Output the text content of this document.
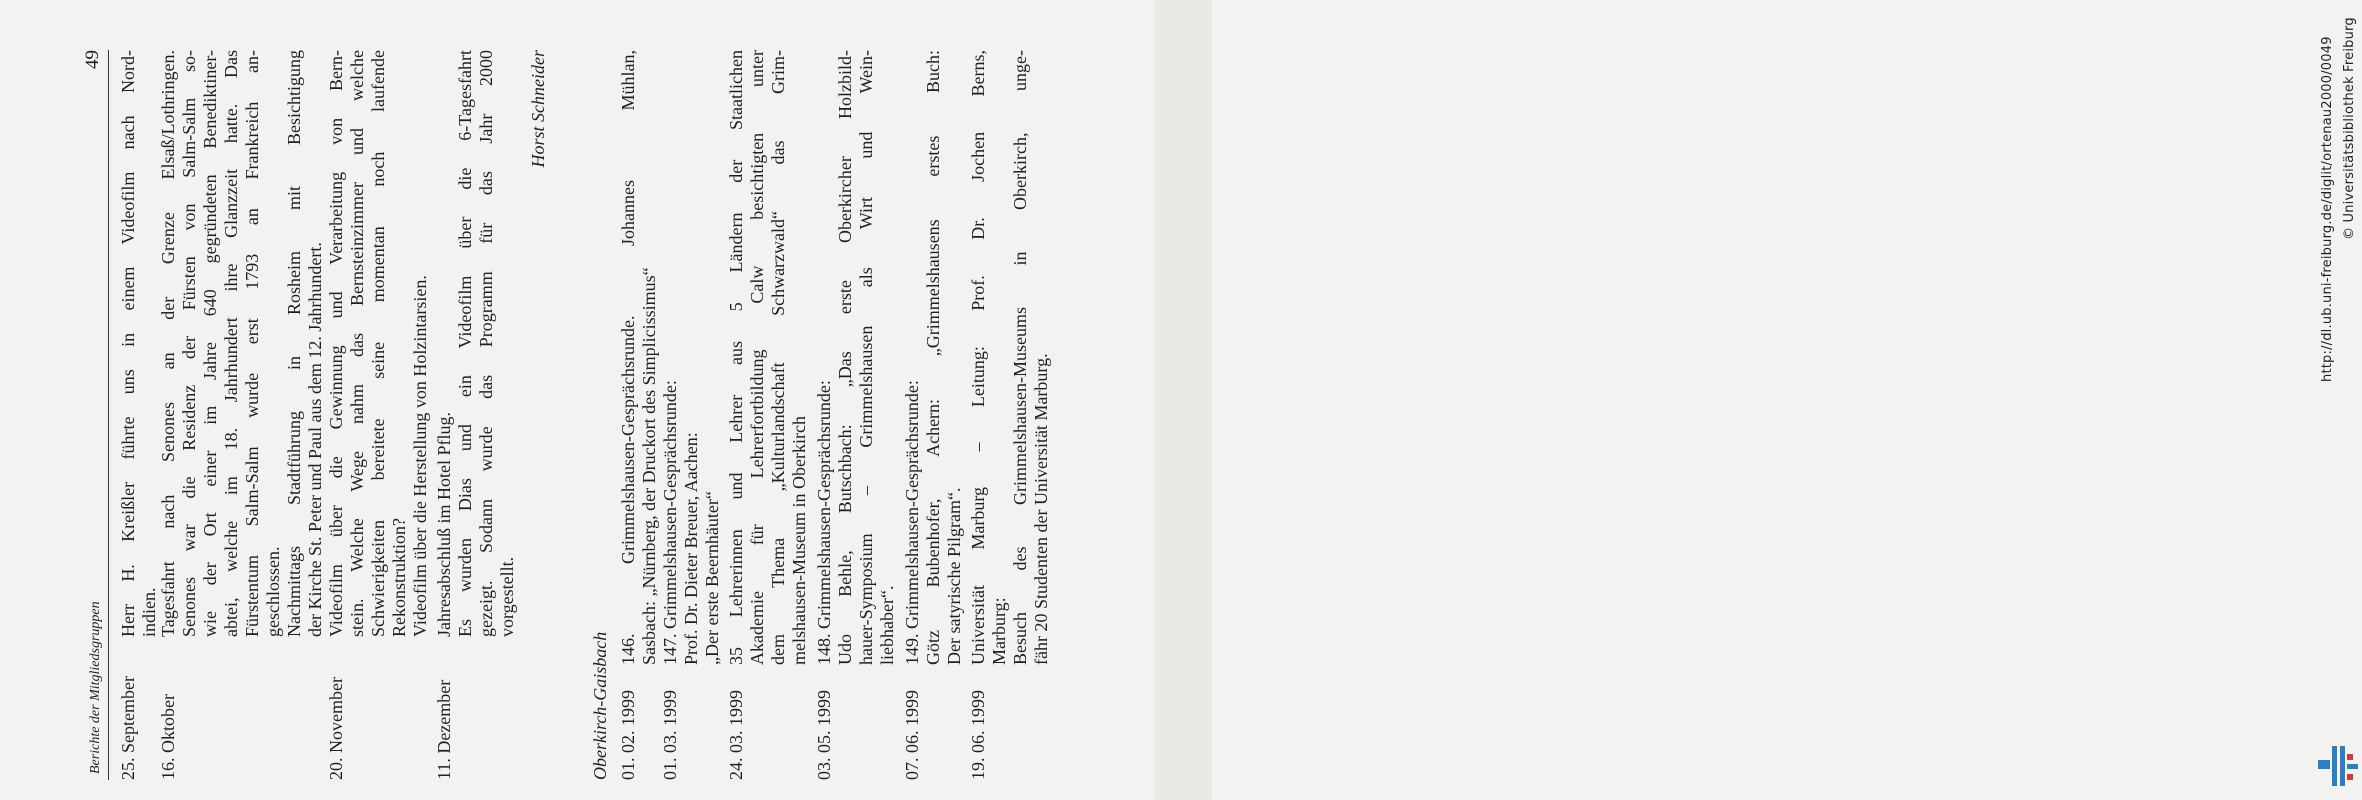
Berichte der Mitgliedsgruppen
49
25. September
Herr H. Kreißler führte uns in einem Videofilm nach Nord- indien.
16. Oktober
Tagesfahrt nach Senones an der Grenze Elsaß/Lothringen. Senones war die Residenz der Fürsten von Salm-Salm so- wie der Ort einer im Jahre 640 gegründeten Benediktiner- abtei, welche im 18. Jahrhundert ihre Glanzzeit hatte. Das Fürstentum Salm-Salm wurde erst 1793 an Frankreich an- geschlossen. Nachmittags Stadtführung in Rosheim mit Besichtigung der Kirche St. Peter und Paul aus dem 12. Jahrhundert.
20. November
Videofilm über die Gewinnung und Verarbeitung von Bern- stein. Welche Wege nahm das Bernsteinzimmer und welche Schwierigkeiten bereitete seine momentan noch laufende Rekonstruktion? Videofilm über die Herstellung von Holzintarsien.
11. Dezember
Jahresabschluß im Hotel Pflug. Es wurden Dias und ein Videofilm über die 6-Tagesfahrt gezeigt. Sodann wurde das Programm für das Jahr 2000 vorgestellt.
Horst Schneider
Oberkirch-Gaisbach 01. 02. 1999
146. Grimmelshausen-Gesprächsrunde. Johannes Mühlan, Sasbach: „Nürnberg, der Druckort des Simplicissimus“
01. 03. 1999
147. Grimmelshausen-Gesprächsrunde: Prof. Dr. Dieter Breuer, Aachen: „Der erste Beernhäuter“
24. 03. 1999
35 Lehrerinnen und Lehrer aus 5 Ländern der Staatlichen Akademie für Lehrerfortbildung Calw besichtigten unter dem Thema „Kulturlandschaft Schwarzwald“ das Grim- melshausen-Museum in Oberkirch
03. 05. 1999
148. Grimmelshausen-Gesprächsrunde: Udo Behle, Butschbach: „Das erste Oberkircher Holzbild- hauer-Symposium – Grimmelshausen als Wirt und Wein- liebhaber“.
07. 06. 1999
149. Grimmelshausen-Gesprächsrunde: Götz Bubenhofer, Achern: „Grimmelshausens erstes Buch: Der satyrische Pilgram“.
19. 06. 1999
Universität Marburg – Leitung: Prof. Dr. Jochen Berns, Marburg: Besuch des Grimmelshausen-Museums in Oberkirch, unge- fähr 20 Studenten der Universität Marburg.
http://dl.ub.uni-freiburg.de/diglit/ortenau2000/0049 © Universitätsbibliothek Freiburg
